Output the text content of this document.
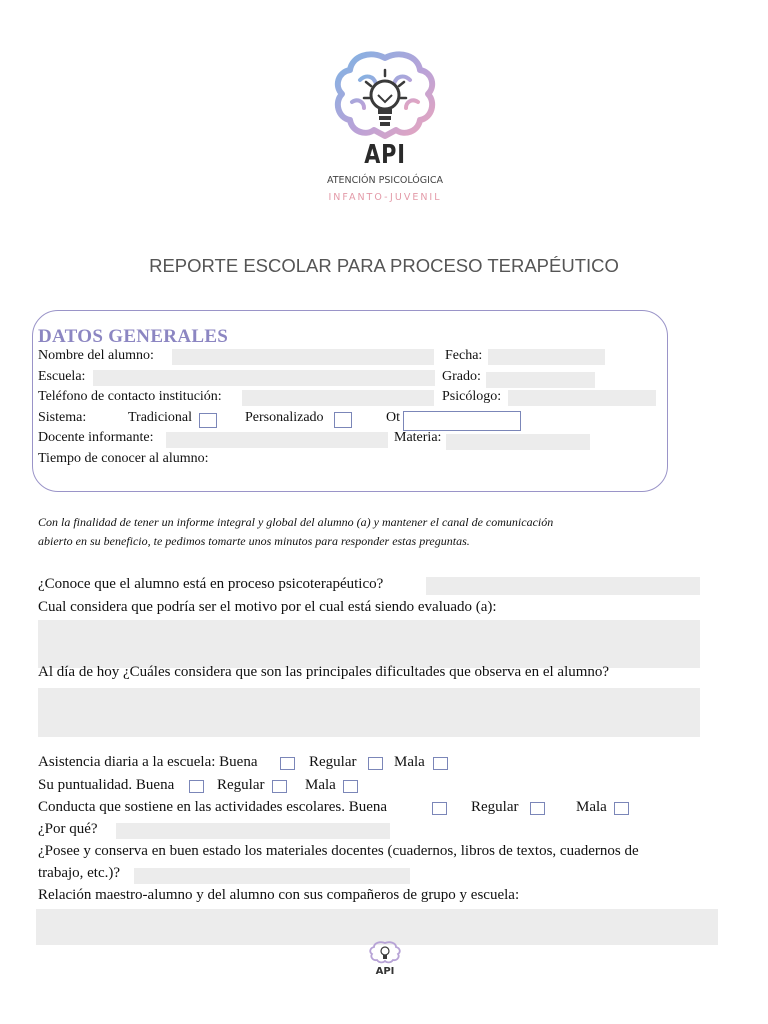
API
ATENCIÓN PSICOLÓGICA
INFANTO-JUVENIL
REPORTE ESCOLAR PARA PROCESO TERAPÉUTICO
DATOS GENERALES
Nombre del alumno:	Fecha:
Escuela:	Grado:
Teléfono de contacto institución:	Psicólogo:
Sistema:	Tradicional	Personalizado	Ot
Docente informante:	Materia:
Tiempo de conocer al alumno:
Con la finalidad de tener un informe integral y global del alumno (a) y mantener el canal de comunicación
abierto en su beneficio, te pedimos tomarte unos minutos para responder estas preguntas.
¿Conoce que el alumno está en proceso psicoterapéutico?
Cual considera que podría ser el motivo por el cual está siendo evaluado (a):
Al día de hoy ¿Cuáles considera que son las principales dificultades que observa en el alumno?
Asistencia diaria a la escuela: Buena	Regular	Mala
Su puntualidad. Buena	Regular	Mala
Conducta que sostiene en las actividades escolares. Buena	Regular	Mala
¿Por qué?
¿Posee y conserva en buen estado los materiales docentes (cuadernos, libros de textos, cuadernos de
trabajo, etc.)?
Relación maestro-alumno y del alumno con sus compañeros de grupo y escuela:
API
